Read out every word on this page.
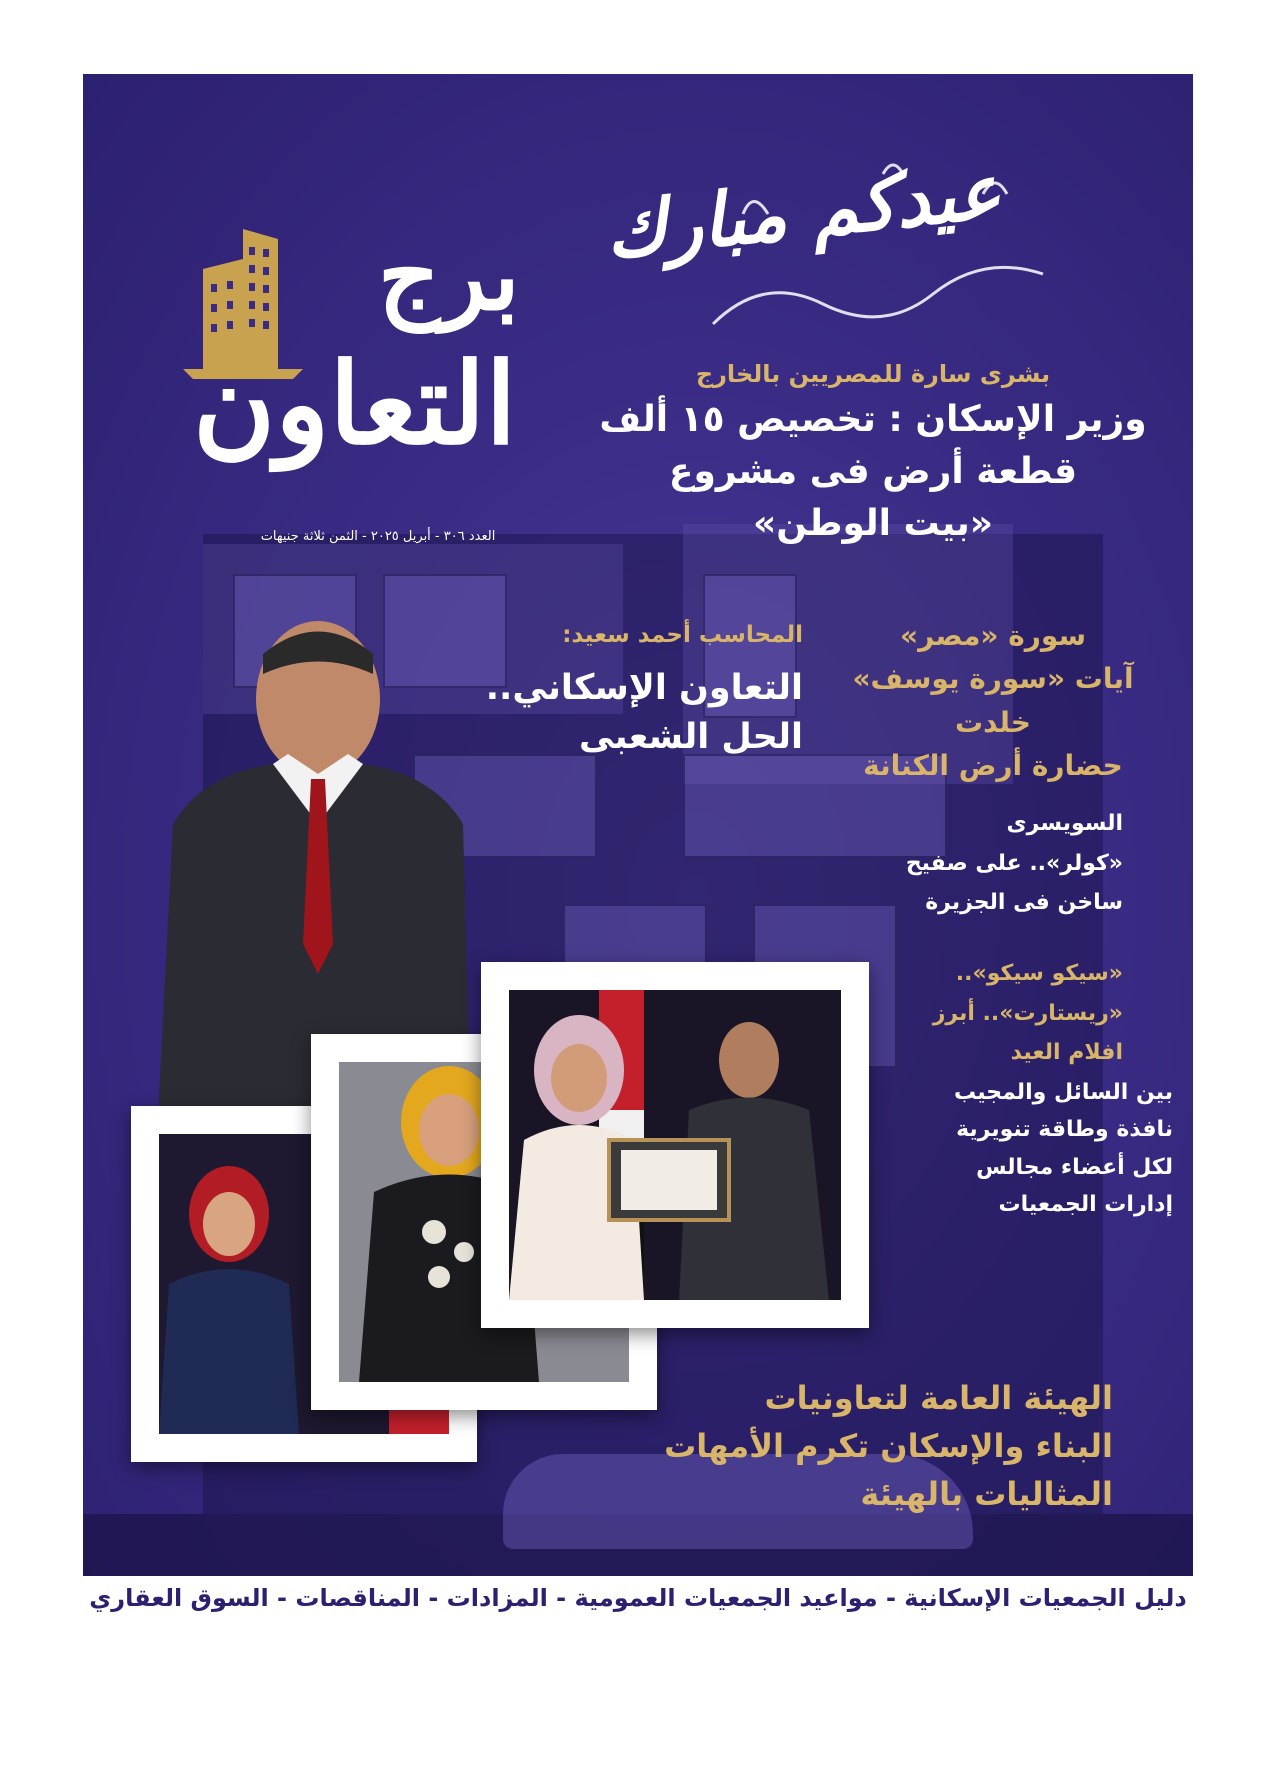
عيدكم مبارك
برج
التعاون
العدد ٣٠٦ - أبريل ٢٠٢٥ - الثمن ثلاثة جنيهات
بشرى سارة للمصريين بالخارج
وزير الإسكان : تخصيص ١٥ ألف
قطعة أرض فى مشروع
«بيت الوطن»
المحاسب أحمد سعيد:
التعاون الإسكاني..
الحل الشعبى
سورة «مصر»
آيات «سورة يوسف» خلدت
حضارة أرض الكنانة
السويسرى
«كولر».. على صفيح
ساخن فى الجزيرة
«سيكو سيكو»..
«ريستارت».. أبرز
افلام العيد
بين السائل والمجيب
نافذة وطاقة تنويرية
لكل أعضاء مجالس
إدارات الجمعيات
الهيئة العامة لتعاونيات
البناء والإسكان تكرم الأمهات
المثاليات بالهيئة
دليل الجمعيات الإسكانية - مواعيد الجمعيات العمومية - المزادات - المناقصات - السوق العقاري
